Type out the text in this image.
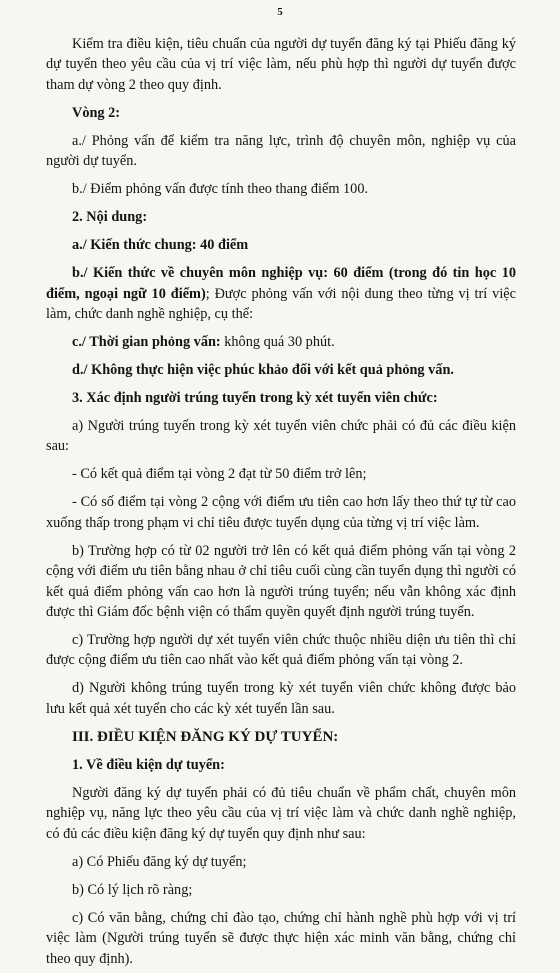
5

Kiểm tra điều kiện, tiêu chuẩn của người dự tuyển đăng ký tại Phiếu đăng ký dự tuyển theo yêu cầu của vị trí việc làm, nếu phù hợp thì người dự tuyển được tham dự vòng 2 theo quy định.

Vòng 2:

a./ Phỏng vấn để kiểm tra năng lực, trình độ chuyên môn, nghiệp vụ của người dự tuyển.

b./ Điểm phỏng vấn được tính theo thang điểm 100.

2. Nội dung:

a./ Kiến thức chung: 40 điểm

b./ Kiến thức về chuyên môn nghiệp vụ: 60 điểm (trong đó tin học 10 điểm, ngoại ngữ 10 điểm); Được phỏng vấn với nội dung theo từng vị trí việc làm, chức danh nghề nghiệp, cụ thể:

c./ Thời gian phỏng vấn: không quá 30 phút.

d./ Không thực hiện việc phúc khảo đối với kết quả phỏng vấn.

3. Xác định người trúng tuyển trong kỳ xét tuyển viên chức:

a) Người trúng tuyển trong kỳ xét tuyển viên chức phải có đủ các điều kiện sau:

- Có kết quả điểm tại vòng 2 đạt từ 50 điểm trở lên;

- Có số điểm tại vòng 2 cộng với điểm ưu tiên cao hơn lấy theo thứ tự từ cao xuống thấp trong phạm vi chỉ tiêu được tuyển dụng của từng vị trí việc làm.

b) Trường hợp có từ 02 người trở lên có kết quả điểm phỏng vấn tại vòng 2 cộng với điểm ưu tiên bằng nhau ở chỉ tiêu cuối cùng cần tuyển dụng thì người có kết quả điểm phỏng vấn cao hơn là người trúng tuyển; nếu vẫn không xác định được thì Giám đốc bệnh viện có thẩm quyền quyết định người trúng tuyển.

c) Trường hợp người dự xét tuyển viên chức thuộc nhiều diện ưu tiên thì chỉ được cộng điểm ưu tiên cao nhất vào kết quả điểm phỏng vấn tại vòng 2.

d) Người không trúng tuyển trong kỳ xét tuyển viên chức không được bảo lưu kết quả xét tuyển cho các kỳ xét tuyển lần sau.

III. ĐIỀU KIỆN ĐĂNG KÝ DỰ TUYỂN:

1. Về điều kiện dự tuyển:

Người đăng ký dự tuyển phải có đủ tiêu chuẩn về phẩm chất, chuyên môn nghiệp vụ, năng lực theo yêu cầu của vị trí việc làm và chức danh nghề nghiệp, có đủ các điều kiện đăng ký dự tuyển quy định như sau:

a) Có Phiếu đăng ký dự tuyển;

b) Có lý lịch rõ ràng;

c) Có văn bằng, chứng chỉ đào tạo, chứng chỉ hành nghề phù hợp với vị trí việc làm (Người trúng tuyển sẽ được thực hiện xác minh văn bằng, chứng chỉ theo quy định).
